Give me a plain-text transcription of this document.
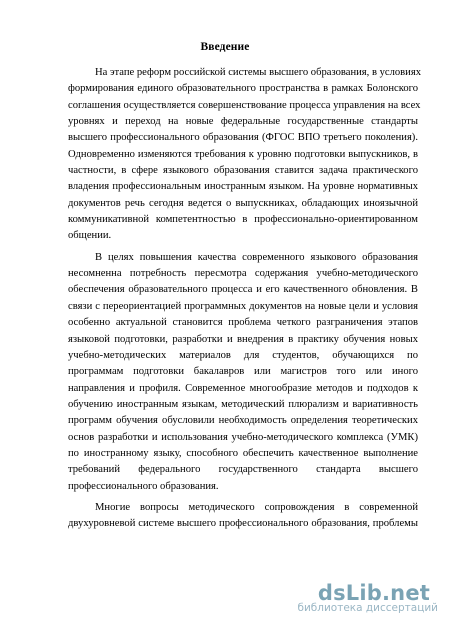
Введение
На этапе реформ российской системы высшего образования, в условиях
формирования единого образовательного пространства в рамках Болонского
соглашения осуществляется совершенствование процесса управления на всех
уровнях и переход на новые федеральные государственные стандарты
высшего профессионального образования (ФГОС ВПО третьего поколения).
Одновременно изменяются требования к уровню подготовки выпускников, в
частности, в сфере языкового образования ставится задача практического
владения профессиональным иностранным языком. На уровне нормативных
документов речь сегодня ведется о выпускниках, обладающих иноязычной
коммуникативной компетентностью в профессионально-ориентированном
общении.
В целях повышения качества современного языкового образования
несомненна потребность пересмотра содержания учебно-методического
обеспечения образовательного процесса и его качественного обновления. В
связи с переориентацией программных документов на новые цели и условия
особенно актуальной становится проблема четкого разграничения этапов
языковой подготовки, разработки и внедрения в практику обучения новых
учебно-методических материалов для студентов, обучающихся по
программам подготовки бакалавров или магистров того или иного
направления и профиля. Современное многообразие методов и подходов к
обучению иностранным языкам, методический плюрализм и вариативность
программ обучения обусловили необходимость определения теоретических
основ разработки и использования учебно-методического комплекса (УМК)
по иностранному языку, способного обеспечить качественное выполнение
требований федерального государственного стандарта высшего
профессионального образования.
Многие вопросы методического сопровождения в современной
двухуровневой системе высшего профессионального образования, проблемы
dsLib.net
библиотека диссертаций
